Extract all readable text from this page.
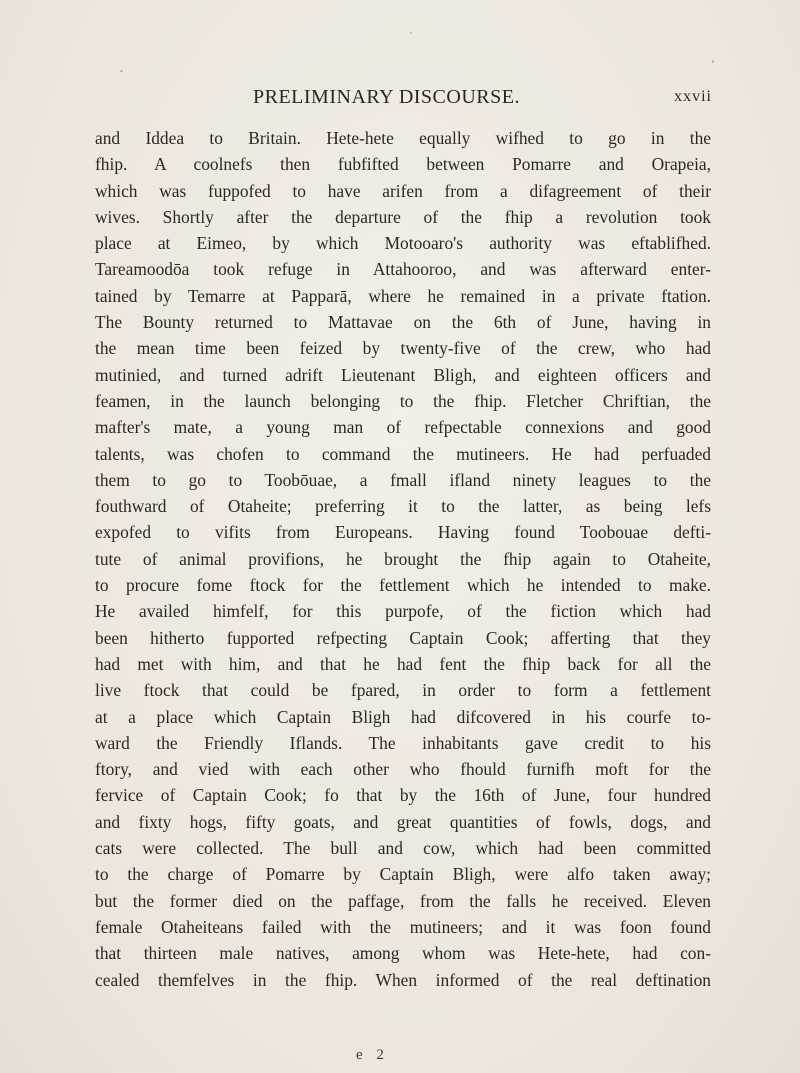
PRELIMINARY DISCOURSE.	xxvii
and Iddea to Britain. Hete-hete equally wifhed to go in the
fhip. A coolnefs then fubfifted between Pomarre and Orapeia,
which was fuppofed to have arifen from a difagreement of their
wives. Shortly after the departure of the fhip a revolution took
place at Eimeo, by which Motooaro's authority was eftablifhed.
Tareamoodōa took refuge in Attahooroo, and was afterward enter-
tained by Temarre at Papparā, where he remained in a private ftation.
The Bounty returned to Mattavae on the 6th of June, having in
the mean time been feized by twenty-five of the crew, who had
mutinied, and turned adrift Lieutenant Bligh, and eighteen officers and
feamen, in the launch belonging to the fhip. Fletcher Chriftian, the
mafter's mate, a young man of refpectable connexions and good
talents, was chofen to command the mutineers. He had perfuaded
them to go to Toobōuae, a fmall ifland ninety leagues to the
fouthward of Otaheite; preferring it to the latter, as being lefs
expofed to vifits from Europeans. Having found Toobouae defti-
tute of animal provifions, he brought the fhip again to Otaheite,
to procure fome ftock for the fettlement which he intended to make.
He availed himfelf, for this purpofe, of the fiction which had
been hitherto fupported refpecting Captain Cook; afferting that they
had met with him, and that he had fent the fhip back for all the
live ftock that could be fpared, in order to form a fettlement
at a place which Captain Bligh had difcovered in his courfe to-
ward the Friendly Iflands. The inhabitants gave credit to his
ftory, and vied with each other who fhould furnifh moft for the
fervice of Captain Cook; fo that by the 16th of June, four hundred
and fixty hogs, fifty goats, and great quantities of fowls, dogs, and
cats were collected. The bull and cow, which had been committed
to the charge of Pomarre by Captain Bligh, were alfo taken away;
but the former died on the paffage, from the falls he received. Eleven
female Otaheiteans failed with the mutineers; and it was foon found
that thirteen male natives, among whom was Hete-hete, had con-
cealed themfelves in the fhip. When informed of the real deftination
e 2
